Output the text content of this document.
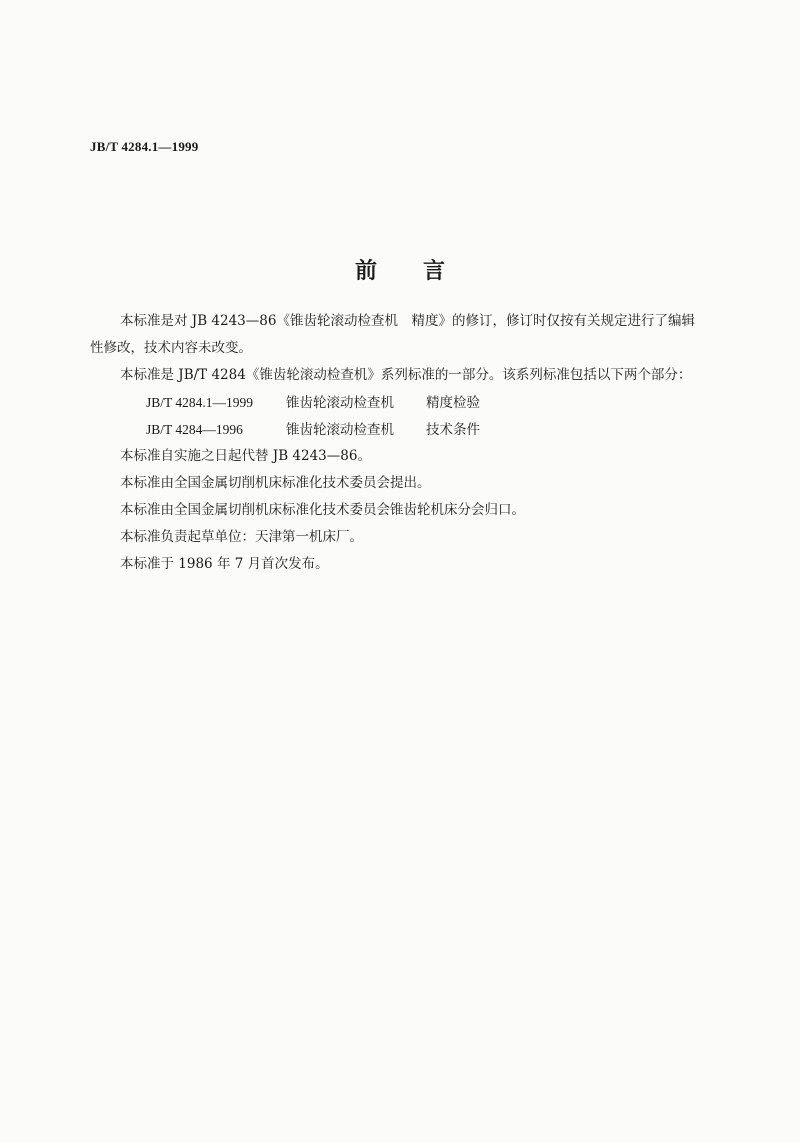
JB/T 4284.1—1999
前 言
本标准是对 JB 4243—86《锥齿轮滚动检查机　精度》的修订，修订时仅按有关规定进行了编辑
性修改，技术内容未改变。
本标准是 JB/T 4284《锥齿轮滚动检查机》系列标准的一部分。该系列标准包括以下两个部分：
JB/T 4284.1—1999 锥齿轮滚动检查机 精度检验
JB/T 4284—1996	锥齿轮滚动检查机 技术条件
本标准自实施之日起代替 JB 4243—86。
本标准由全国金属切削机床标准化技术委员会提出。
本标准由全国金属切削机床标准化技术委员会锥齿轮机床分会归口。
本标准负责起草单位：天津第一机床厂。
本标准于 1986 年 7 月首次发布。
